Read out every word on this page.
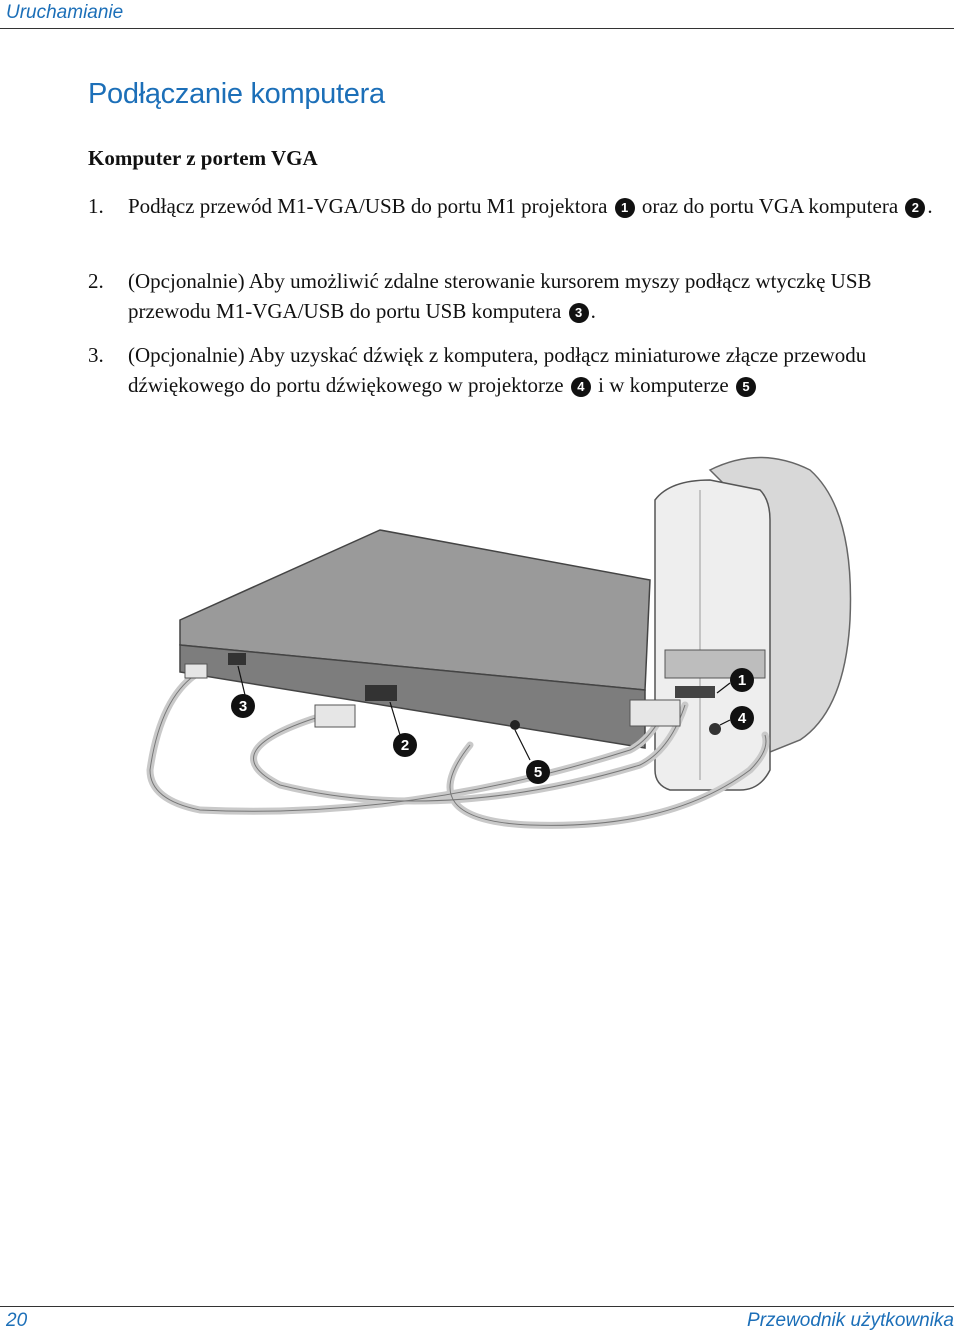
Uruchamianie
Podłączanie komputera
Komputer z portem VGA
1.	Podłącz przewód M1-VGA/USB do portu M1 projektora 1 oraz do portu VGA komputera 2 .
2.	(Opcjonalnie) Aby umożliwić zdalne sterowanie kursorem myszy podłącz wtyczkę USB przewodu M1-VGA/USB do portu USB komputera 3 .
3.	(Opcjonalnie) Aby uzyskać dźwięk z komputera, podłącz miniaturowe złącze przewodu dźwiękowego do portu dźwiękowego w projektorze 4 i w komputerze 5
1
2
3
4
5
20	Przewodnik użytkownika
